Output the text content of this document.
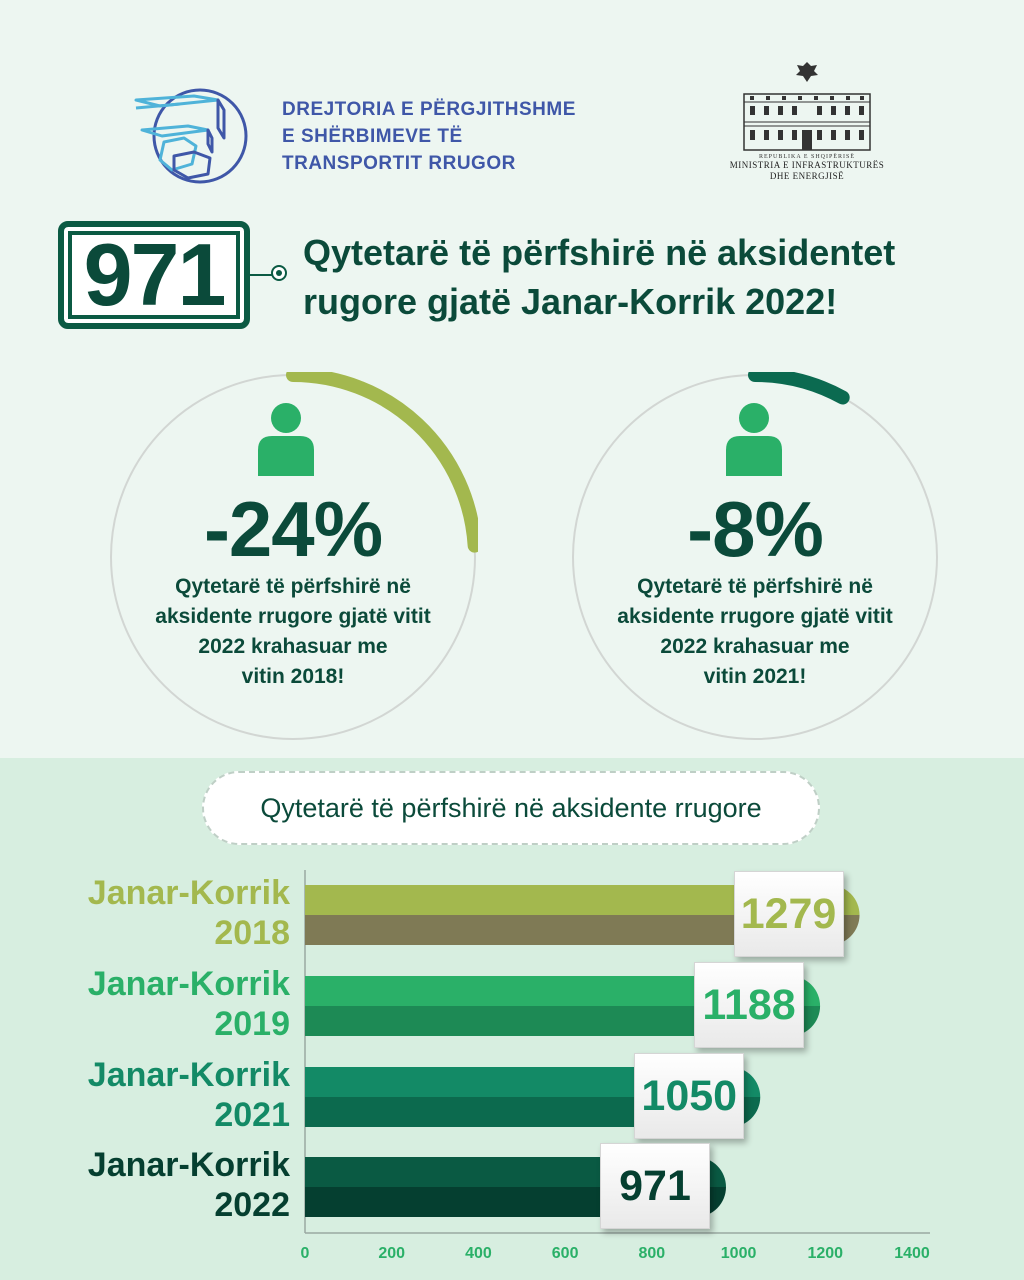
DREJTORIA E PËRGJITHSHME
E SHËRBIMEVE TË
TRANSPORTIT RRUGOR	REPUBLIKA E SHQIPËRISË
MINISTRIA E INFRASTRUKTURËS
DHE ENERGJISË
971	Qytetarë të përfshirë në aksidentet
rugore gjatë Janar-Korrik 2022!
-24%
Qytetarë të përfshirë në
aksidente rrugore gjatë vitit
2022 krahasuar me
vitin 2018!
-8%
Qytetarë të përfshirë në
aksidente rrugore gjatë vitit
2022 krahasuar me
vitin 2021!
Qytetarë të përfshirë në aksidente rrugore
0	200	400	600	800	1000	1200	1400
1279
Janar-Korrik
2018
1188
Janar-Korrik
2019
1050
Janar-Korrik
2021
971
Janar-Korrik
2022
